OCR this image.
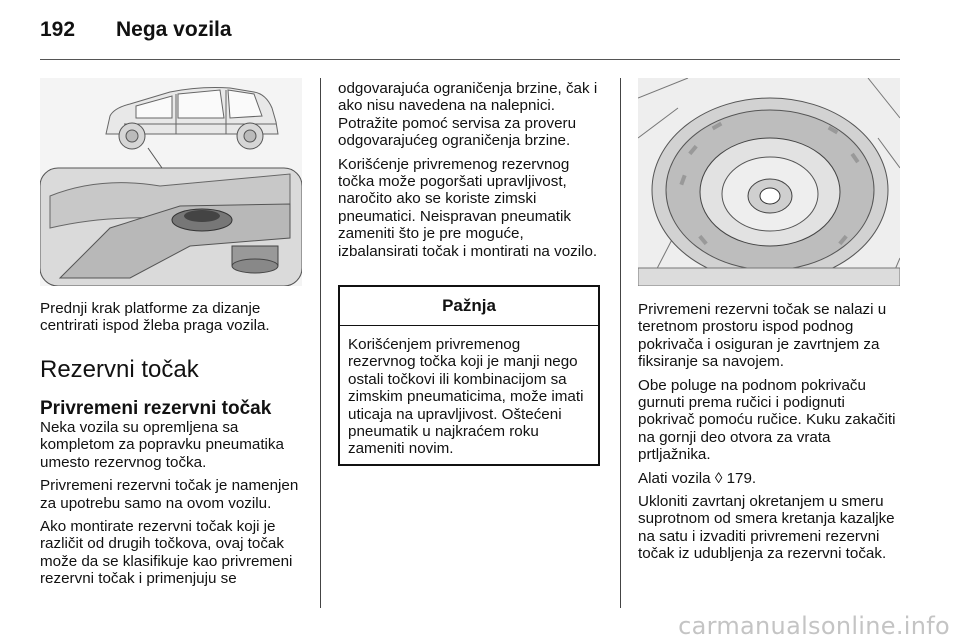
192 Nega vozila

Prednji krak platforme za dizanje centrirati ispod žleba praga vozila.

Rezervni točak
Privremeni rezervni točak

Neka vozila su opremljena sa kompletom za popravku pneumatika umesto rezervnog točka.

Privremeni rezervni točak je namenjen za upotrebu samo na ovom vozilu.

Ako montirate rezervni točak koji je različit od drugih točkova, ovaj točak može da se klasifikuje kao privremeni rezervni točak i primenjuju se

odgovarajuća ograničenja brzine, čak i ako nisu navedena na nalepnici. Potražite pomoć servisa za proveru odgovarajućeg ograničenja brzine.

Korišćenje privremenog rezervnog točka može pogoršati upravljivost, naročito ako se koriste zimski pneumatici. Neispravan pneumatik zameniti što je pre moguće, izbalansirati točak i montirati na vozilo.

Pažnja
Korišćenjem privremenog rezervnog točka koji je manji nego ostali točkovi ili kombinacijom sa zimskim pneumaticima, može imati uticaja na upravljivost. Oštećeni pneumatik u najkraćem roku zameniti novim.

Privremeni rezervni točak se nalazi u teretnom prostoru ispod podnog pokrivača i osiguran je zavrtnjem za fiksiranje sa navojem.

Obe poluge na podnom pokrivaču gurnuti prema ručici i podignuti pokrivač pomoću ručice. Kuku zakačiti na gornji deo otvora za vrata prtljažnika.

Alati vozila ◊ 179.

Ukloniti zavrtanj okretanjem u smeru suprotnom od smera kretanja kazaljke na satu i izvaditi privremeni rezervni točak iz udubljenja za rezervni točak.

carmanualsonline.info
